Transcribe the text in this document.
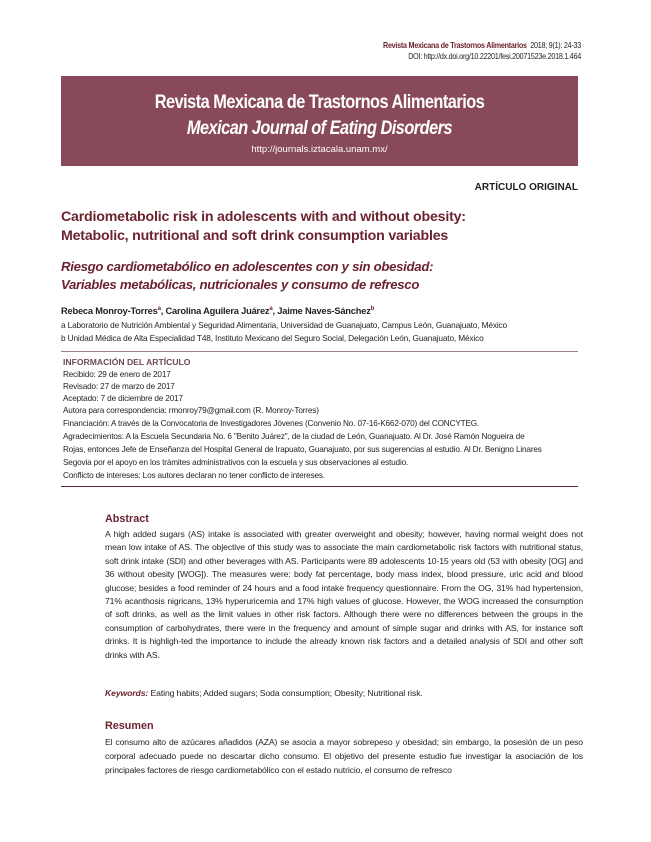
Revista Mexicana de Trastornos Alimentarios 2018; 9(1): 24-33
DOI: http://dx.doi.org/10.22201/fesi.20071523e.2018.1.464
Revista Mexicana de Trastornos Alimentarios
Mexican Journal of Eating Disorders
http://journals.iztacala.unam.mx/
ARTÍCULO ORIGINAL
Cardiometabolic risk in adolescents with and without obesity:
Metabolic, nutritional and soft drink consumption variables
Riesgo cardiometabólico en adolescentes con y sin obesidad:
Variables metabólicas, nutricionales y consumo de refresco
Rebeca Monroy-Torres$^a$, Carolina Aguilera Juárez$^a$, Jaime Naves-Sánchez$^b$
a Laboratorio de Nutrición Ambiental y Seguridad Alimentaria, Universidad de Guanajuato, Campus León, Guanajuato, México
b Unidad Médica de Alta Especialidad T48, Instituto Mexicano del Seguro Social, Delegación León, Guanajuato, México
INFORMACIÓN DEL ARTÍCULO
Recibido: 29 de enero de 2017
Revisado: 27 de marzo de 2017
Aceptado: 7 de diciembre de 2017
Autora para correspondencia: rmonroy79@gmail.com (R. Monroy-Torres)
Financiación: A través de la Convocatoria de Investigadores Jóvenes (Convenio No. 07-16-K662-070) del CONCYTEG.
Agradecimientos: A la Escuela Secundaria No. 6 "Benito Juárez", de la ciudad de León, Guanajuato. Al Dr. José Ramón Nogueira de
Rojas, entonces Jefe de Enseñanza del Hospital General de Irapuato, Guanajuato, por sus sugerencias al estudio. Al Dr. Benigno Linares
Segovia por el apoyo en los trámites administrativos con la escuela y sus observaciones al estudio.
Conflicto de intereses: Los autores declaran no tener conflicto de intereses.
Abstract
A high added sugars (AS) intake is associated with greater overweight and obesity; however, having normal weight does not mean low intake of AS. The objective of this study was to associate the main cardiometabolic risk factors with nutritional status, soft drink intake (SDI) and other beverages with AS. Participants were 89 adolescents 10-15 years old (53 with obesity [OG] and 36 without obesity [WOG]). The measures were: body fat percentage, body mass index, blood pressure, uric acid and blood glucose; besides a food reminder of 24 hours and a food intake frequency questionnaire. From the OG, 31% had hypertension, 71% acanthosis nigricans, 13% hyperuricemia and 17% high values of glucose. However, the WOG increased the consumption of soft drinks, as well as the limit values in other risk factors. Although there were no differences between the groups in the consumption of carbohydrates, there were in the frequency and amount of simple sugar and drinks with AS, for instance soft drinks. It is highligh-ted the importance to include the already known risk factors and a detailed analysis of SDI and other soft drinks with AS.
Keywords: Eating habits; Added sugars; Soda consumption; Obesity; Nutritional risk.
Resumen
El consumo alto de azúcares añadidos (AZA) se asocia a mayor sobrepeso y obesidad; sin embargo, la posesión de un peso corporal adecuado puede no descartar dicho consumo. El objetivo del presente estudio fue investigar la asociación de los principales factores de riesgo cardiometabólico con el estado nutricio, el consumo de refresco
